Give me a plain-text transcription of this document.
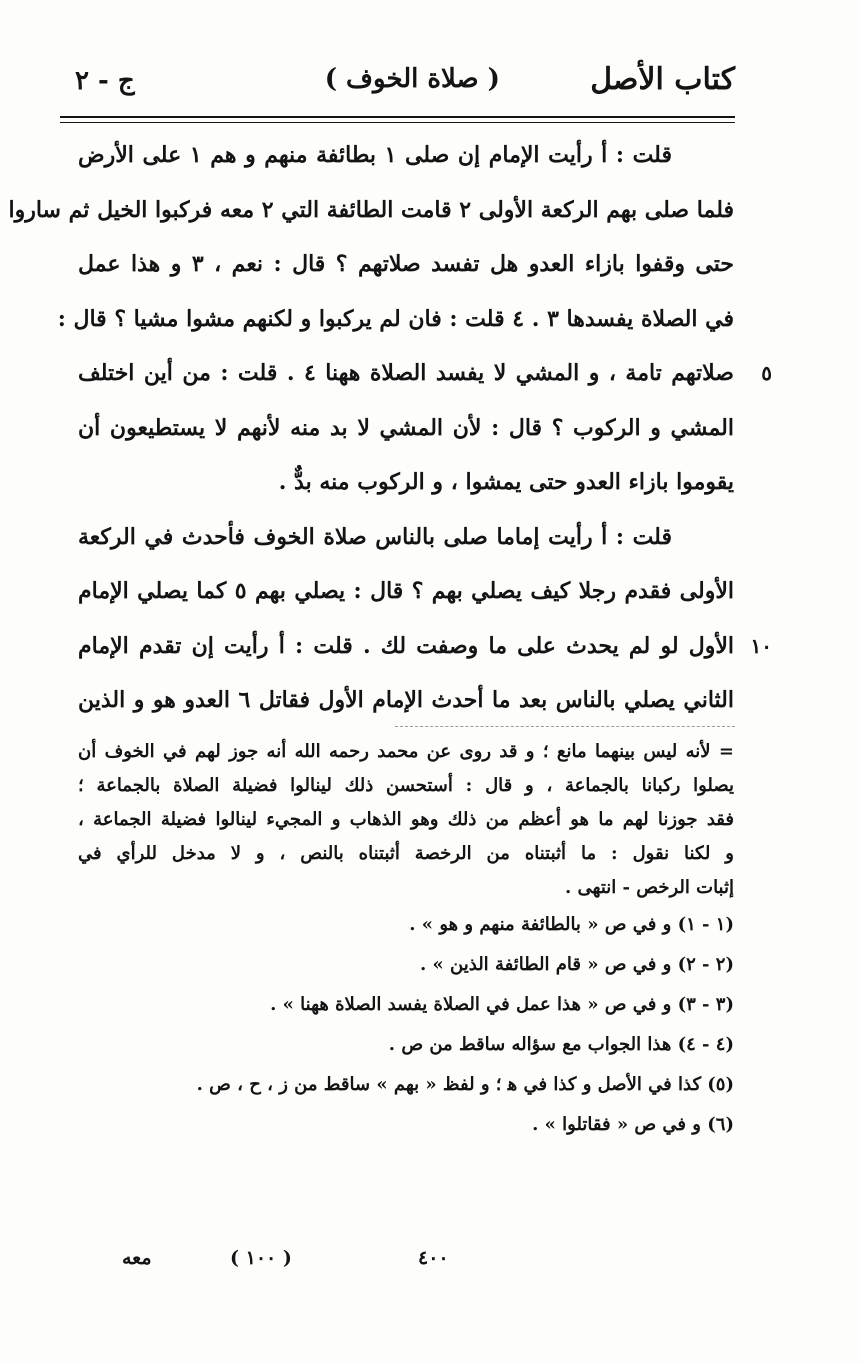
كتاب الأصل
( صلاة الخوف )
ج - ٢
قلت : أ رأيت الإمام إن صلى ١ بطائفة منهم و هم ١ على الأرض
فلما صلى بهم الركعة الأولى ٢ قامت الطائفة التي ٢ معه فركبوا الخيل ثم ساروا
حتى وقفوا بازاء العدو هل تفسد صلاتهم ؟ قال : نعم ، ٣ و هذا عمل
في الصلاة يفسدها ٣ . ٤ قلت : فان لم يركبوا و لكنهم مشوا مشيا ؟ قال :
٥
صلاتهم تامة ، و المشي لا يفسد الصلاة ههنا ٤ . قلت : من أين اختلف
المشي و الركوب ؟ قال : لأن المشي لا بد منه لأنهم لا يستطيعون أن
يقوموا بازاء العدو حتى يمشوا ، و الركوب منه بدٌّ .
قلت : أ رأيت إماما صلى بالناس صلاة الخوف فأحدث في الركعة
الأولى فقدم رجلا كيف يصلي بهم ؟ قال : يصلي بهم ٥ كما يصلي الإمام
١٠
الأول لو لم يحدث على ما وصفت لك . قلت : أ رأيت إن تقدم الإمام
الثاني يصلي بالناس بعد ما أحدث الإمام الأول فقاتل ٦ العدو هو و الذين
= لأنه ليس بينهما مانع ؛ و قد روى عن محمد رحمه الله أنه جوز لهم في الخوف أن
يصلوا ركبانا بالجماعة ، و قال : أستحسن ذلك لينالوا فضيلة الصلاة بالجماعة ؛
فقد جوزنا لهم ما هو أعظم من ذلك وهو الذهاب و المجيء لينالوا فضيلة الجماعة ،
و لكنا نقول : ما أثبتناه من الرخصة أثبتناه بالنص ، و لا مدخل للرأي في
إثبات الرخص - انتهى .
(١ - ١) و في ص « بالطائفة منهم و هو » .
(٢ - ٢) و في ص « قام الطائفة الذين » .
(٣ - ٣) و في ص « هذا عمل في الصلاة يفسد الصلاة ههنا » .
(٤ - ٤) هذا الجواب مع سؤاله ساقط من ص .
(٥) كذا في الأصل و كذا في ﻫ ؛ و لفظ « بهم » ساقط من ز ، ح ، ص .
(٦) و في ص « فقاتلوا » .
٤٠٠
( ١٠٠ )
معه
